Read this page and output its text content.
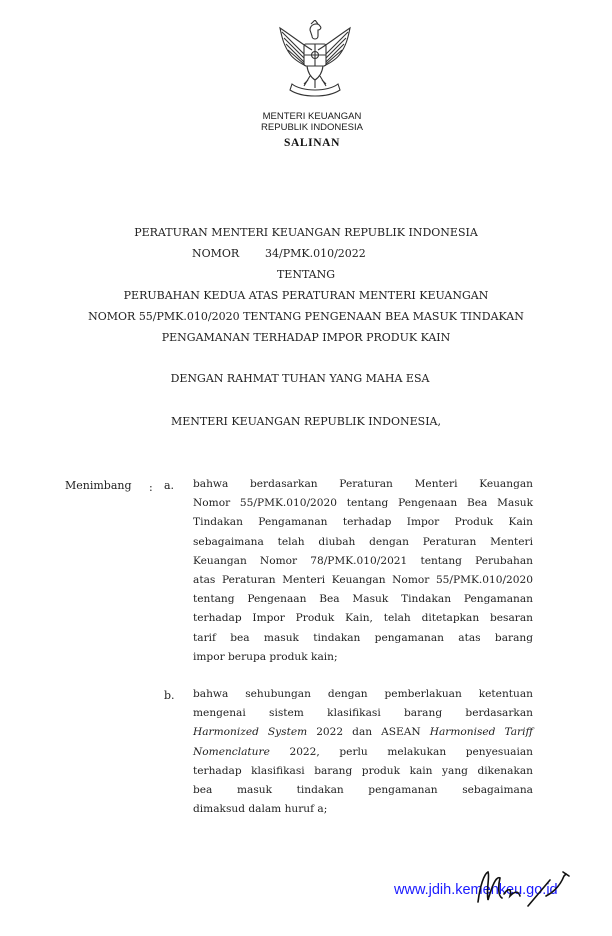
MENTERI KEUANGAN
REPUBLIK INDONESIA
SALINAN
PERATURAN MENTERI KEUANGAN REPUBLIK INDONESIA
NOMOR 34/PMK.010/2022
TENTANG
PERUBAHAN KEDUA ATAS PERATURAN MENTERI KEUANGAN
NOMOR 55/PMK.010/2020 TENTANG PENGENAAN BEA MASUK TINDAKAN
PENGAMANAN TERHADAP IMPOR PRODUK KAIN
DENGAN RAHMAT TUHAN YANG MAHA ESA
MENTERI KEUANGAN REPUBLIK INDONESIA,
Menimbang : a. bahwa berdasarkan Peraturan Menteri Keuangan
Nomor 55/PMK.010/2020 tentang Pengenaan Bea Masuk
Tindakan Pengamanan terhadap Impor Produk Kain
sebagaimana telah diubah dengan Peraturan Menteri
Keuangan Nomor 78/PMK.010/2021 tentang Perubahan
atas Peraturan Menteri Keuangan Nomor 55/PMK.010/2020
tentang Pengenaan Bea Masuk Tindakan Pengamanan
terhadap Impor Produk Kain, telah ditetapkan besaran
tarif bea masuk tindakan pengamanan atas barang
impor berupa produk kain;
b. bahwa sehubungan dengan pemberlakuan ketentuan
mengenai sistem klasifikasi barang berdasarkan
Harmonized System 2022 dan ASEAN Harmonised Tariff
Nomenclature 2022, perlu melakukan penyesuaian
terhadap klasifikasi barang produk kain yang dikenakan
bea masuk tindakan pengamanan sebagaimana
dimaksud dalam huruf a;
www.jdih.kemenkeu.go.id
